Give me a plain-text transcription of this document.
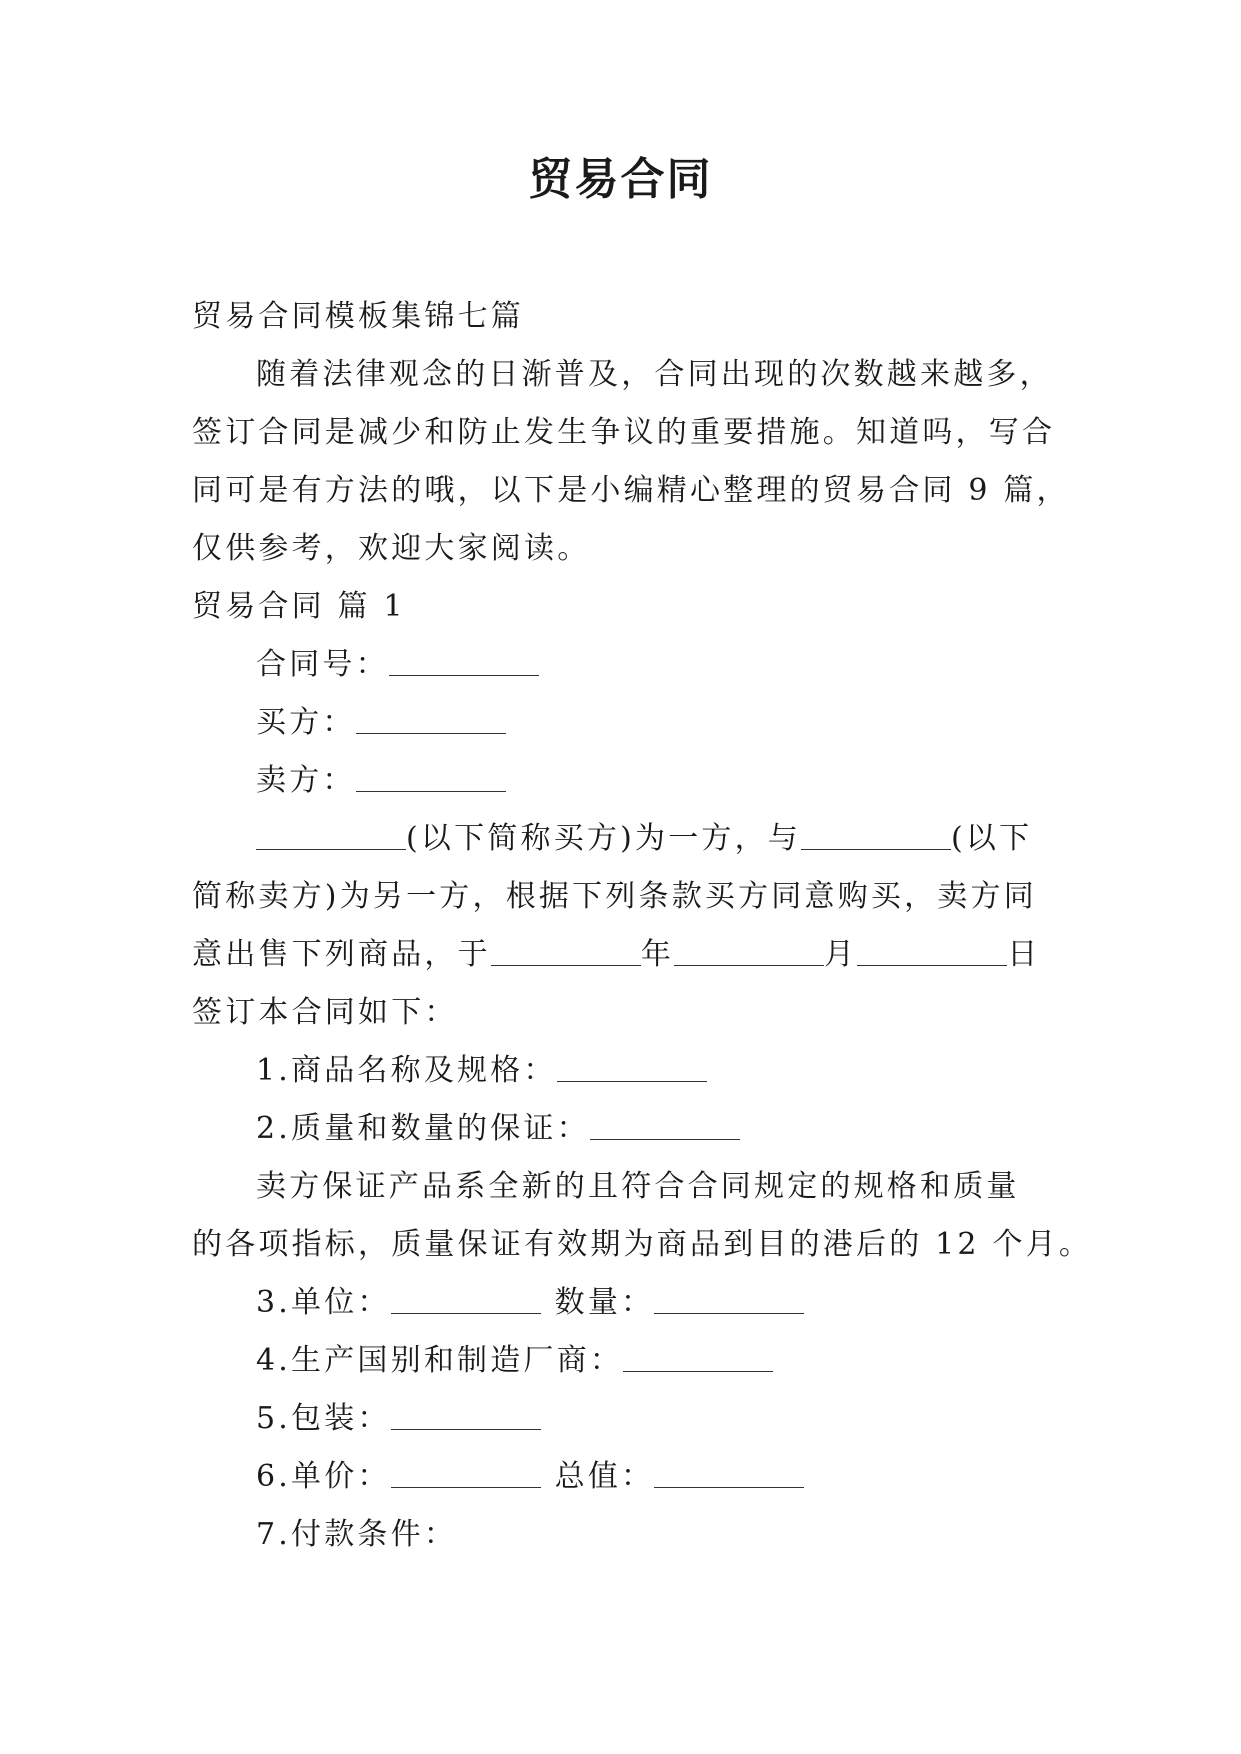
贸易合同

贸易合同模板集锦七篇

随着法律观念的日渐普及，合同出现的次数越来越多，

签订合同是减少和防止发生争议的重要措施。知道吗，写合

同可是有方法的哦，以下是小编精心整理的贸易合同 9 篇，

仅供参考，欢迎大家阅读。

贸易合同 篇 1

合同号：

买方：

卖方：

(以下简称买方)为一方，与	(以下

简称卖方)为另一方，根据下列条款买方同意购买，卖方同

意出售下列商品，于	年	月	日

签订本合同如下：

1.商品名称及规格：

2.质量和数量的保证：

卖方保证产品系全新的且符合合同规定的规格和质量

的各项指标，质量保证有效期为商品到目的港后的 12 个月。

3.单位：	数量：

4.生产国别和制造厂商：

5.包装：

6.单价：	总值：

7.付款条件：
